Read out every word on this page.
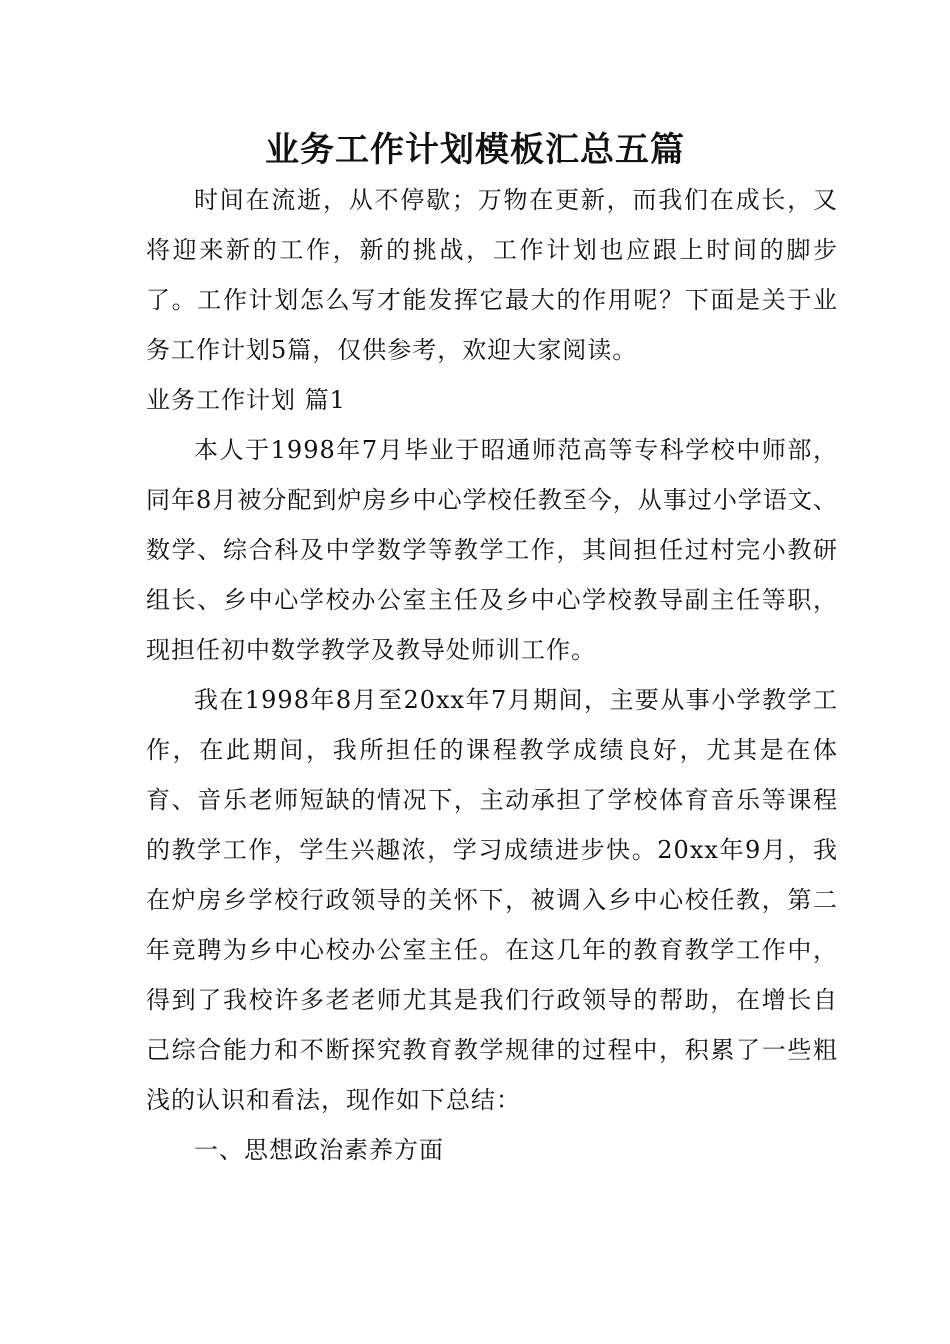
业务工作计划模板汇总五篇

时间在流逝，从不停歇；万物在更新，而我们在成长，又将迎来新的工作，新的挑战，工作计划也应跟上时间的脚步了。工作计划怎么写才能发挥它最大的作用呢？下面是关于业务工作计划5篇，仅供参考，欢迎大家阅读。

业务工作计划 篇1

本人于1998年7月毕业于昭通师范高等专科学校中师部，同年8月被分配到炉房乡中心学校任教至今，从事过小学语文、数学、综合科及中学数学等教学工作，其间担任过村完小教研组长、乡中心学校办公室主任及乡中心学校教导副主任等职，现担任初中数学教学及教导处师训工作。

我在1998年8月至20xx年7月期间，主要从事小学教学工作，在此期间，我所担任的课程教学成绩良好，尤其是在体育、音乐老师短缺的情况下，主动承担了学校体育音乐等课程的教学工作，学生兴趣浓，学习成绩进步快。20xx年9月，我在炉房乡学校行政领导的关怀下，被调入乡中心校任教，第二年竞聘为乡中心校办公室主任。在这几年的教育教学工作中，得到了我校许多老老师尤其是我们行政领导的帮助，在增长自己综合能力和不断探究教育教学规律的过程中，积累了一些粗浅的认识和看法，现作如下总结：

一、思想政治素养方面
